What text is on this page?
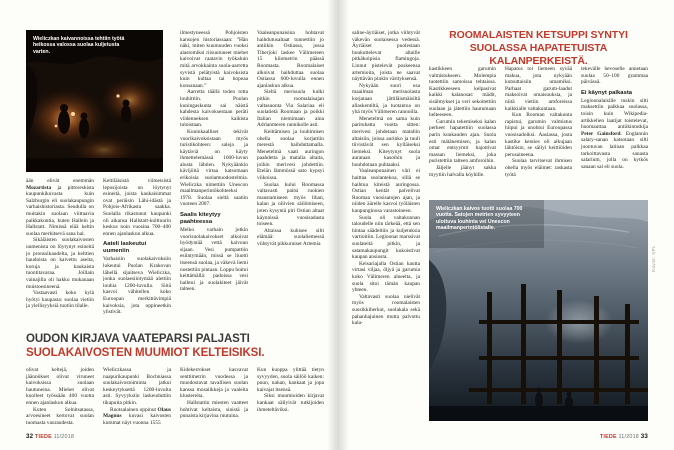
Wieliczkan kaivannoissa tehtiin työtä heikossa valossa suolaa kuljetusta varten.

ään elivät enemmän Mozartista ja pittoreskista kaupunkikuvasta kuin Salzburgin eli suolakaupungin varhaishistoriasta. Seudulla on muitakin suolaan viittaavia paikkakuntia, kuten Hallein ja Hallstatt. Nimissä elää keltin suolaa merkitsevä sana hal.

Sikäläisten suolakaivosten uumenista on löytynyt esineitä jo pronssikaudelta, ja kelttien haudoista on kaivettu aseita, koruja ja kaukaista tuontitavaraa. Joillain vainajilla oli hakku mukanaan muistoesineenä.

Vastaavasti koko kylä hyötyi kaupasta: suolaa vietiin ja ylellisyyksiä tuotiin tilalle.

Keltiläisistä viimeisistä leposijoista on löytynyt esineitä, joista kaukaisimmat ovat peräisin Lähi-idästä ja Pohjois-Afrikasta saakka. Suolalla rikastunut kaupunki oli aikansa Hallstatt-kulttuurin keskus noin vuosina 700–400 ennen ajanlaskun alkua.

Aateli laskeutui uumeniin

Varhaisiin suolakaivoksiin lukeutui Puolan Krakovan lähellä sijaitseva Wieliczka, jonka suolaesiintymää alettiin louhia 1200-luvulla. Siitä kasvoi vähitellen koko Euroopan merkittävimpiä kaivoksia, jota oppineetkin ylistivät.

ilmestyneessä Pohjoisten kansojen historiassaan: ”Hän näki, miten kuumuuden vuoksi alastomiksi riisuutuneet miehet kaivoivat raatavin työkaluin mitä arvokkainta suola-aarretta syvistä pelätyistä kaivoksista kuin kultaa tai hopeaa konsanaan.”

Aarretta täällä toden totta louhittiin. Puolan kuningaskunta sai näistä kahdesta kaivoksestaan peräti viidenneksen kaikista tuloistaan.

Kuninkaalliset tekivät vuorikaivoksistaan myös turistikohteen: saleja ja käytäviä on käyty ihmettelemässä 1600-luvun alusta lähtien. Nykyäänkin kävijöitä virtaa katsomaan erikoisia suolamuodostelmia. Wieliczka nimettiin Unescon maailmanperintökohteeksi 1978. Suolaa sieltä saatiin vuoteen 2007.

Saalis kiteytyy paahteessa

Melko varhain jotkin vuorisuolakaivokset alkoivat hyödyntää vettä kaivuun sijaan. Vesi pumpattiin esiintymään, missä se liuotti itseensä suolaa, ja väkevä liemi nostettiin pintaan. Loppu hoitui keittämällä: padoissa vesi haihtui ja suolakiteet jäivät talteen.

Vaaleanpunaisina hohtavat haihdutusaltaat tunnettiin jo antiikin Ostiassa, jossa Tiberjoki laskee Välimereen 15 kilometrin päässä Roomasta. Roomalaiset alkoivat haihduttaa suolaa Ostiassa 600-luvulla ennen ajanlaskun alkua.

Sieltä merisuola kulki pitkin roomalaisajan valtasuonta Via Salariaa eli suolatietä Roomaan ja poikki Italian niemimaan aina Adrianmeren rannikolle asti.

Keittämisen ja louhimisen ohella suolaa korjattiin merestä haihduttamalla. Menetelmä vaati auringon paahdetta ja matalia altaita, joihin merivesi johdettiin. Etelän lämmössä sato kypsyi viikoissa.

Suolaa kului Roomassa valtavasti paitsi ruokien maustamiseen myös lihan, kalan ja oliivien säilömiseen, joten kysyntä piti Ostian altaat käynnissä vuosisadasta toiseen.

Altaissa kuhisee silti elämää: suolaliemessä viihtyvät pikkuruiset Artemia

OUDON KIRJAVA VAATEPARSI PALJASTI
SUOLAKAIVOSTEN MUUMIOT KELTEISIKSI.

olivat keltejä, joiden jäännökset olivat viruneet kaivoksissa suolaan hautuneina. Miehet olivat kuolleet työssään 400 vuotta ennen ajanlaskun alkua.

Kuten Solnitsatassa, arvoesineet kertovat suolan tuomasta vauraudesta.

Wieliczkassa ja naapurikaupunki Bochniassa suolakaivostoiminta jatkui keskeytyksettä 1200-luvulta asti. Syvyyksiin laskeuduttiin tikapuita pitkin.

Ruotsalainen oppinut Olaus Magnus kuvasi kaivosten kummat näyt vuonna 1555

Kidekerrokset kasvavat senttimetrin vuodessa ja muodostavat tavallisen suolan kanssa mosaiikkeja ja vaaleita klustereita.

Hallstattin miesten vaatteet hohtivat keltaista, sinistä ja punaista kirjavina ruutuina.

Kun kuoppa ylittää tietyn syvyyden, suola säilöö kaiken: puun, nahan, kankaat ja jopa kaivajat itsensä.

Siksi muumioiden kirjavat kankaat säilyivät tutkijoiden ihmeteltäviksi.

32 TIEDE 11/2018
ROOMALAISTEN KETSUPPI SYNTYI
SUOLASSA HAPATETUISTA KALANPERKEISTÄ.

saline-äyriäiset, jotka viihtyvät väkevän suolaisessa vedessä. Äyriäiset puolestaan houkuttelevat altaille pitkäkoipisia flamingoja. Linnut pistelevät poskeensa artemioita, joista ne saavat näyttävän pinkin värityksensä.

Nykyään suuri osa maailman merisuolasta korjataan jättiläismäisiltä allaskentiltä, ja tuotantoa on yhä myös Välimeren rannoilla.

Menetelmä on sama kuin parituhatta vuotta sitten: merivesi johdetaan mataliin altaisiin, joissa aurinko ja tuuli tiivistävät sen kylläiseksi liemeksi. Kiteytynyt suola aurataan kasoihin ja huuhdotaan puhtaaksi.

Vaaleanpunainen väri ei haittaa suolantekoa, sillä se haihtuu kiteistä auringossa. Ostian kentät palvelivat Roomaa vuosisatojen ajan, ja niiden äärelle kasvoi työläisten kaupunginosa varastoineen.

Suola oli valtakunnan taloudelle niin tärkeää, että sen hintaa säädeltiin ja kuljetuksia vartioitiin. Legioonat marssivat suolateitä pitkin, ja satamakaupungit kukoistivat kaupan ansiosta.

Keisariajalla Ostian kautta virtasi viljaa, öljyä ja garumia koko Välimeren alueelta, ja suola sitoi tämän kaupan yhteen.

Valtavasti suolaa nielivät myös roomalaisten suosikkiherkut, suolakala sekä pahanhajuinen mutta palvottu kala-

kastikkeen garumin valmistukseen. Molempia tuotettiin samoissa tehtaissa. Kastikkeeseen kelpasivat kaikki kalanosat: mädit, sisälmykset ja veri sekoitettiin suolaan ja jätettiin hautumaan helteeseen.

Garumin tekemiseksi kalan perkeet hapatettiin suolassa parin kuukauden ajan. Suola esti mätänemisen, ja kalan omat entsyymit hajottivat massan liemeksi, joka puristettiin talteen amforoihin.

Jäljelle jäänyt sakka myytiin halvalla köyhille.

Hapatus toi liemeen syvää makua, jota nykyään kutsuttaisiin umamiksi. Parhaat garum-laadut maksoivat omaisuuksia, ja niitä vietiin amforeissa kaikkialle valtakuntaan.

Kun Rooman valtakunta rapistui, garumin valmistus hiipui ja unohtui Euroopassa vuosisadoiksi. Aasiassa, josta kastike kenties oli alkujaan lähtöisin, se säilyi keittiöiden perusaineena.

Suolaa tarvitsevat ihmisen ohella myös eläimet: raskasta työtä

tekevälle hevoselle annetaan suolaa 50–100 grammaa päivässä.

Ei käynyt palkasta

Legioonalaisille tuskin silti maksettiin palkkaa suolassa, toisin kuin Wikipedia-artikkelien laatijat toistelevat, huomauttaa antiikintutkija Peter Gainsford. Englannin salary-sanan katsotaan silti juontuvan latinan palkkaa tarkoittavasta sanasta salarium, jolla on kytkös sanaan sal eli suola.

Wieliczkan kaivos tuotti suolaa 700 vuotta. Satojen metrien syvyyteen ulottuva louhinta vei Unescon maailmanperintölistalle.
Kuvat: SPL
TIEDE 11/2018 33
